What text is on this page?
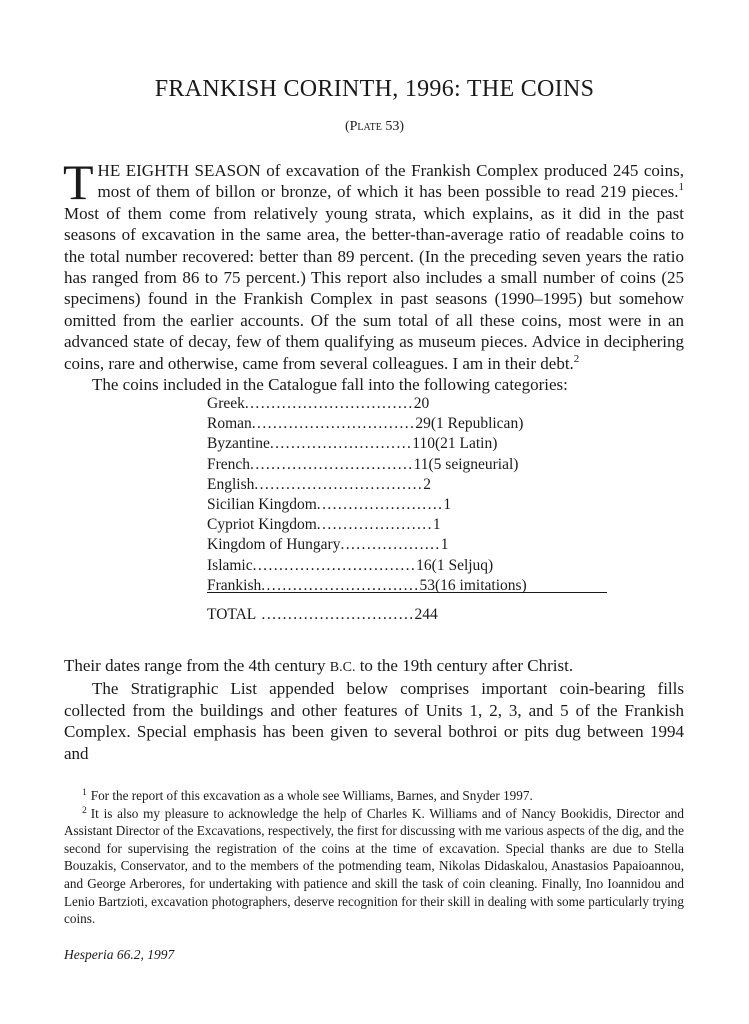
FRANKISH CORINTH, 1996: THE COINS
(Plate 53)
THE EIGHTH SEASON of excavation of the Frankish Complex produced 245 coins, most of them of billon or bronze, of which it has been possible to read 219 pieces.$^1$ Most of them come from relatively young strata, which explains, as it did in the past seasons of excavation in the same area, the better-than-average ratio of readable coins to the total number recovered: better than 89 percent. (In the preceding seven years the ratio has ranged from 86 to 75 percent.) This report also includes a small number of coins (25 specimens) found in the Frankish Complex in past seasons (1990–1995) but somehow omitted from the earlier accounts. Of the sum total of all these coins, most were in an advanced state of decay, few of them qualifying as museum pieces. Advice in deciphering coins, rare and otherwise, came from several colleagues. I am in their debt.$^2$
The coins included in the Catalogue fall into the following categories:
Greek ................................ 20
Roman ............................... 29 (1 Republican)
Byzantine ........................... 110 (21 Latin)
French ............................... 11 (5 seigneurial)
English ................................ 2
Sicilian Kingdom ........................ 1
Cypriot Kingdom ...................... 1
Kingdom of Hungary ................... 1
Islamic ............................... 16 (1 Seljuq)
Frankish .............................. 53 (16 imitations)
TOTAL .............................244
Their dates range from the 4th century B.C. to the 19th century after Christ.
The Stratigraphic List appended below comprises important coin-bearing fills collected from the buildings and other features of Units 1, 2, 3, and 5 of the Frankish Complex. Special emphasis has been given to several bothroi or pits dug between 1994 and

$^1$ For the report of this excavation as a whole see Williams, Barnes, and Snyder 1997.

$^2$ It is also my pleasure to acknowledge the help of Charles K. Williams and of Nancy Bookidis, Director and Assistant Director of the Excavations, respectively, the first for discussing with me various aspects of the dig, and the second for supervising the registration of the coins at the time of excavation. Special thanks are due to Stella Bouzakis, Conservator, and to the members of the potmending team, Nikolas Didaskalou, Anastasios Papaioannou, and George Arberores, for undertaking with patience and skill the task of coin cleaning. Finally, Ino Ioannidou and Lenio Bartzioti, excavation photographers, deserve recognition for their skill in dealing with some particularly trying coins.

Hesperia 66.2, 1997
